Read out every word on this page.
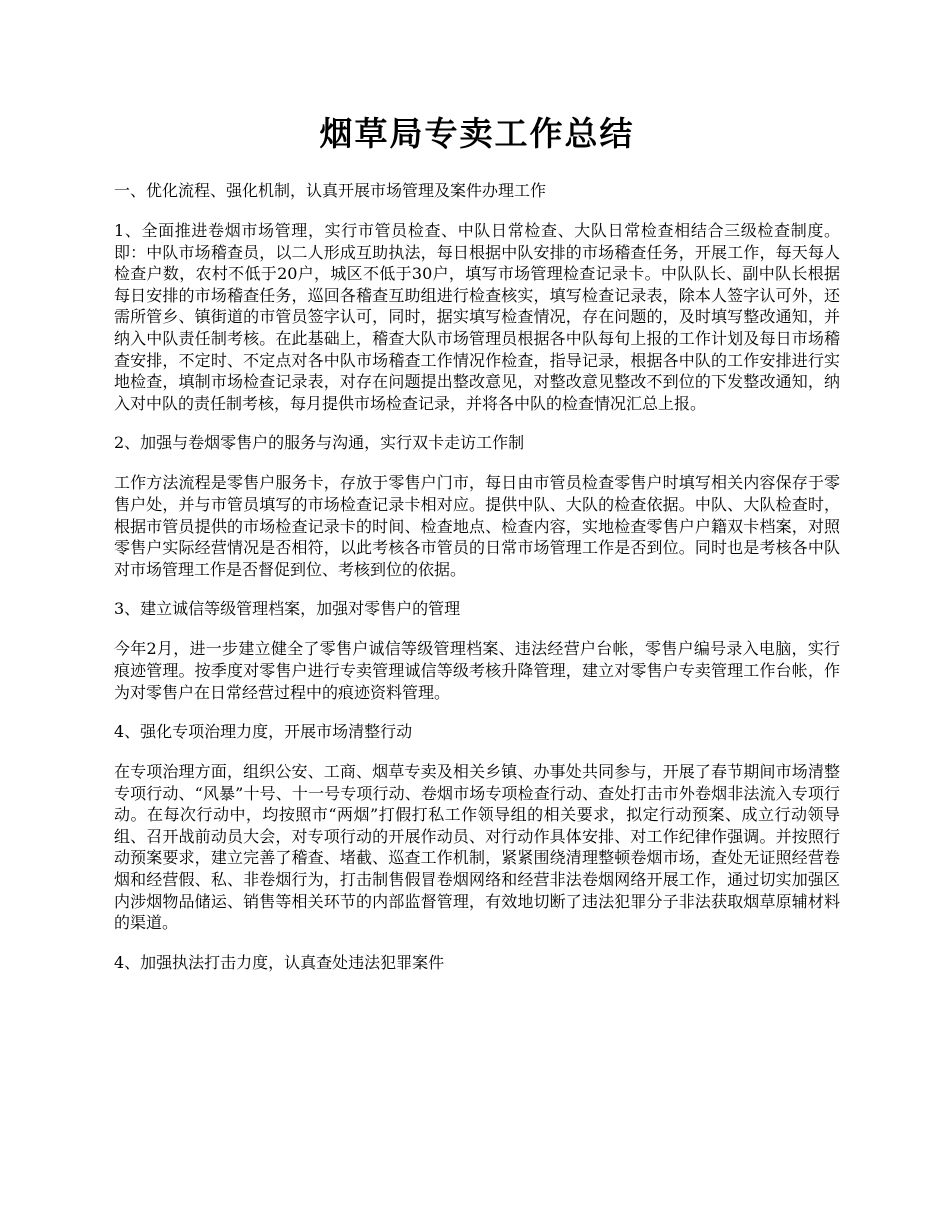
烟草局专卖工作总结

一、优化流程、强化机制，认真开展市场管理及案件办理工作

1、全面推进卷烟市场管理，实行市管员检查、中队日常检查、大队日常检查相结合三级检查制度。即：中队市场稽查员，以二人形成互助执法，每日根据中队安排的市场稽查任务，开展工作，每天每人检查户数，农村不低于20户，城区不低于30户，填写市场管理检查记录卡。中队队长、副中队长根据每日安排的市场稽查任务，巡回各稽查互助组进行检查核实，填写检查记录表，除本人签字认可外，还需所管乡、镇街道的市管员签字认可，同时，据实填写检查情况，存在问题的，及时填写整改通知，并纳入中队责任制考核。在此基础上，稽查大队市场管理员根据各中队每旬上报的工作计划及每日市场稽查安排，不定时、不定点对各中队市场稽查工作情况作检查，指导记录，根据各中队的工作安排进行实地检查，填制市场检查记录表，对存在问题提出整改意见，对整改意见整改不到位的下发整改通知，纳入对中队的责任制考核，每月提供市场检查记录，并将各中队的检查情况汇总上报。

2、加强与卷烟零售户的服务与沟通，实行双卡走访工作制

工作方法流程是零售户服务卡，存放于零售户门市，每日由市管员检查零售户时填写相关内容保存于零售户处，并与市管员填写的市场检查记录卡相对应。提供中队、大队的检查依据。中队、大队检查时，根据市管员提供的市场检查记录卡的时间、检查地点、检查内容，实地检查零售户户籍双卡档案，对照零售户实际经营情况是否相符，以此考核各市管员的日常市场管理工作是否到位。同时也是考核各中队对市场管理工作是否督促到位、考核到位的依据。

3、建立诚信等级管理档案，加强对零售户的管理

今年2月，进一步建立健全了零售户诚信等级管理档案、违法经营户台帐，零售户编号录入电脑，实行痕迹管理。按季度对零售户进行专卖管理诚信等级考核升降管理，建立对零售户专卖管理工作台帐，作为对零售户在日常经营过程中的痕迹资料管理。

4、强化专项治理力度，开展市场清整行动

在专项治理方面，组织公安、工商、烟草专卖及相关乡镇、办事处共同参与，开展了春节期间市场清整专项行动、“风暴”十号、十一号专项行动、卷烟市场专项检查行动、查处打击市外卷烟非法流入专项行动。在每次行动中，均按照市“两烟”打假打私工作领导组的相关要求，拟定行动预案、成立行动领导组、召开战前动员大会，对专项行动的开展作动员、对行动作具体安排、对工作纪律作强调。并按照行动预案要求，建立完善了稽查、堵截、巡查工作机制，紧紧围绕清理整顿卷烟市场，查处无证照经营卷烟和经营假、私、非卷烟行为，打击制售假冒卷烟网络和经营非法卷烟网络开展工作，通过切实加强区内涉烟物品储运、销售等相关环节的内部监督管理，有效地切断了违法犯罪分子非法获取烟草原辅材料的渠道。

4、加强执法打击力度，认真查处违法犯罪案件
